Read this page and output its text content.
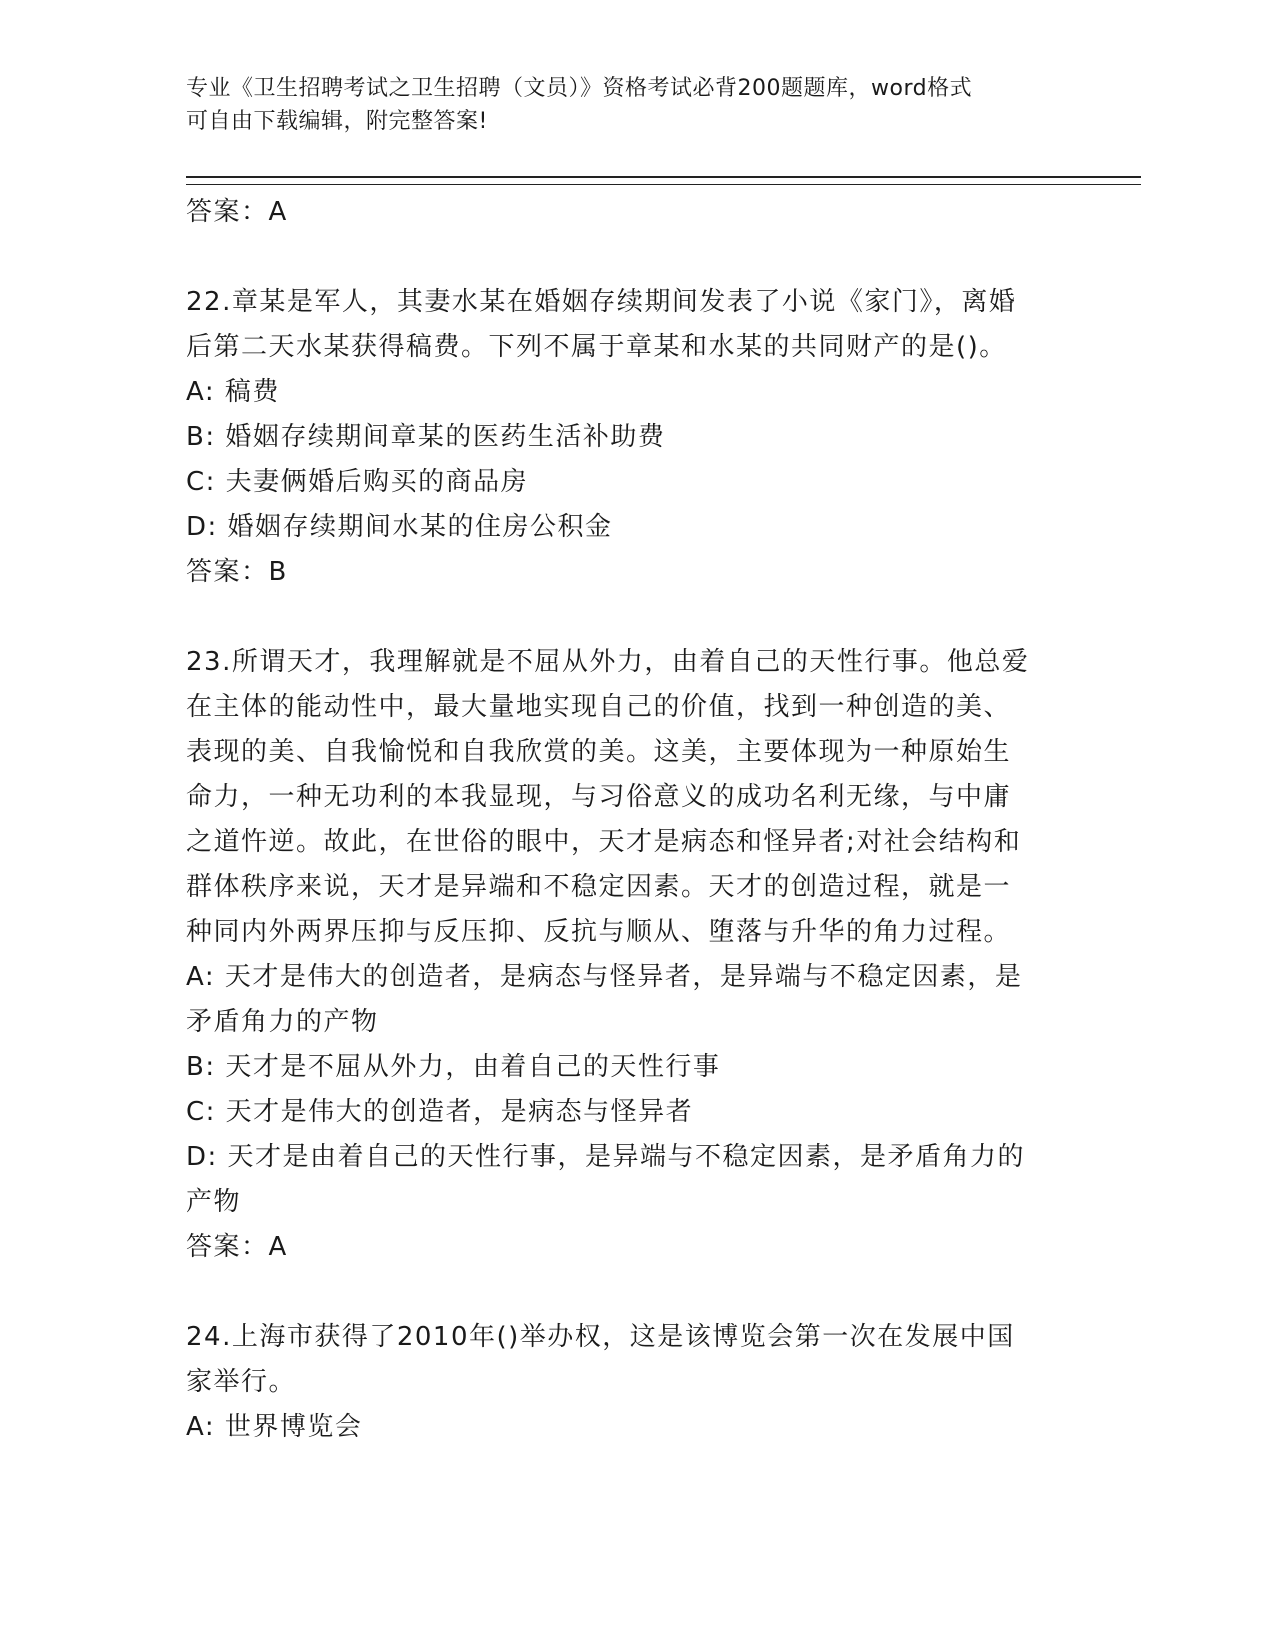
专业《卫生招聘考试之卫生招聘（文员）》资格考试必背200题题库，word格式
可自由下载编辑，附完整答案!
答案：A
22.章某是军人，其妻水某在婚姻存续期间发表了小说《家门》，离婚
后第二天水某获得稿费。下列不属于章某和水某的共同财产的是()。
A: 稿费
B: 婚姻存续期间章某的医药生活补助费
C: 夫妻俩婚后购买的商品房
D: 婚姻存续期间水某的住房公积金
答案：B
23.所谓天才，我理解就是不屈从外力，由着自己的天性行事。他总爱
在主体的能动性中，最大量地实现自己的价值，找到一种创造的美、
表现的美、自我愉悦和自我欣赏的美。这美，主要体现为一种原始生
命力，一种无功利的本我显现，与习俗意义的成功名利无缘，与中庸
之道忤逆。故此，在世俗的眼中，天才是病态和怪异者;对社会结构和
群体秩序来说，天才是异端和不稳定因素。天才的创造过程，就是一
种同内外两界压抑与反压抑、反抗与顺从、堕落与升华的角力过程。
A: 天才是伟大的创造者，是病态与怪异者，是异端与不稳定因素，是
矛盾角力的产物
B: 天才是不屈从外力，由着自己的天性行事
C: 天才是伟大的创造者，是病态与怪异者
D: 天才是由着自己的天性行事，是异端与不稳定因素，是矛盾角力的
产物
答案：A
24.上海市获得了2010年()举办权，这是该博览会第一次在发展中国
家举行。
A: 世界博览会
